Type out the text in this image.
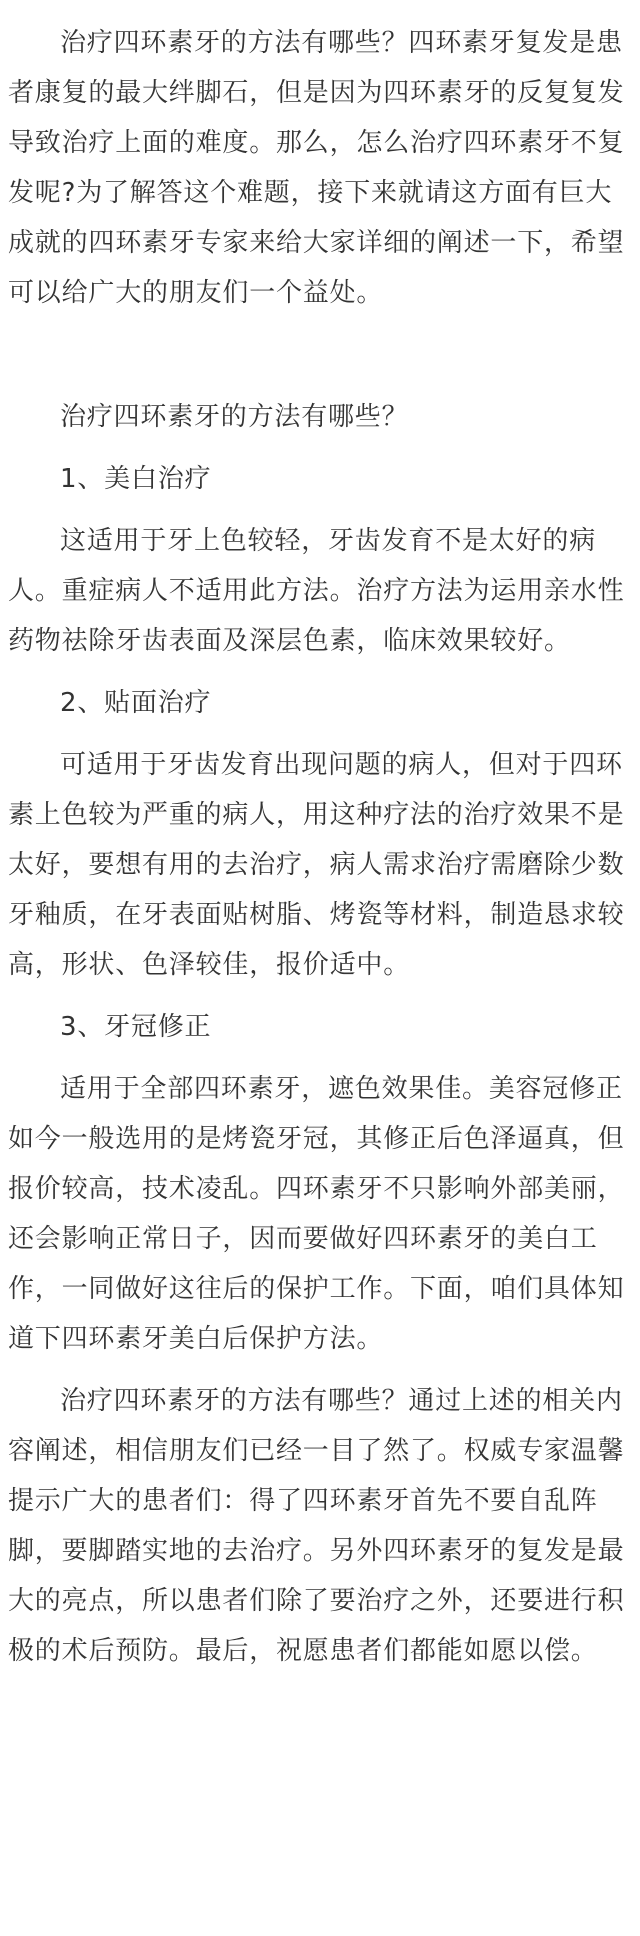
治疗四环素牙的方法有哪些？四环素牙复发是患者康复的最大绊脚石，但是因为四环素牙的反复复发导致治疗上面的难度。那么，怎么治疗四环素牙不复发呢?为了解答这个难题，接下来就请这方面有巨大成就的四环素牙专家来给大家详细的阐述一下，希望可以给广大的朋友们一个益处。

治疗四环素牙的方法有哪些？

1、美白治疗

这适用于牙上色较轻，牙齿发育不是太好的病人。重症病人不适用此方法。治疗方法为运用亲水性药物祛除牙齿表面及深层色素，临床效果较好。

2、贴面治疗

可适用于牙齿发育出现问题的病人，但对于四环素上色较为严重的病人，用这种疗法的治疗效果不是太好，要想有用的去治疗，病人需求治疗需磨除少数牙釉质，在牙表面贴树脂、烤瓷等材料，制造恳求较高，形状、色泽较佳，报价适中。

3、牙冠修正

适用于全部四环素牙，遮色效果佳。美容冠修正如今一般选用的是烤瓷牙冠，其修正后色泽逼真，但报价较高，技术凌乱。四环素牙不只影响外部美丽，还会影响正常日子，因而要做好四环素牙的美白工作，一同做好这往后的保护工作。下面，咱们具体知道下四环素牙美白后保护方法。

治疗四环素牙的方法有哪些？通过上述的相关内容阐述，相信朋友们已经一目了然了。权威专家温馨提示广大的患者们：得了四环素牙首先不要自乱阵脚，要脚踏实地的去治疗。另外四环素牙的复发是最大的亮点，所以患者们除了要治疗之外，还要进行积极的术后预防。最后，祝愿患者们都能如愿以偿。
